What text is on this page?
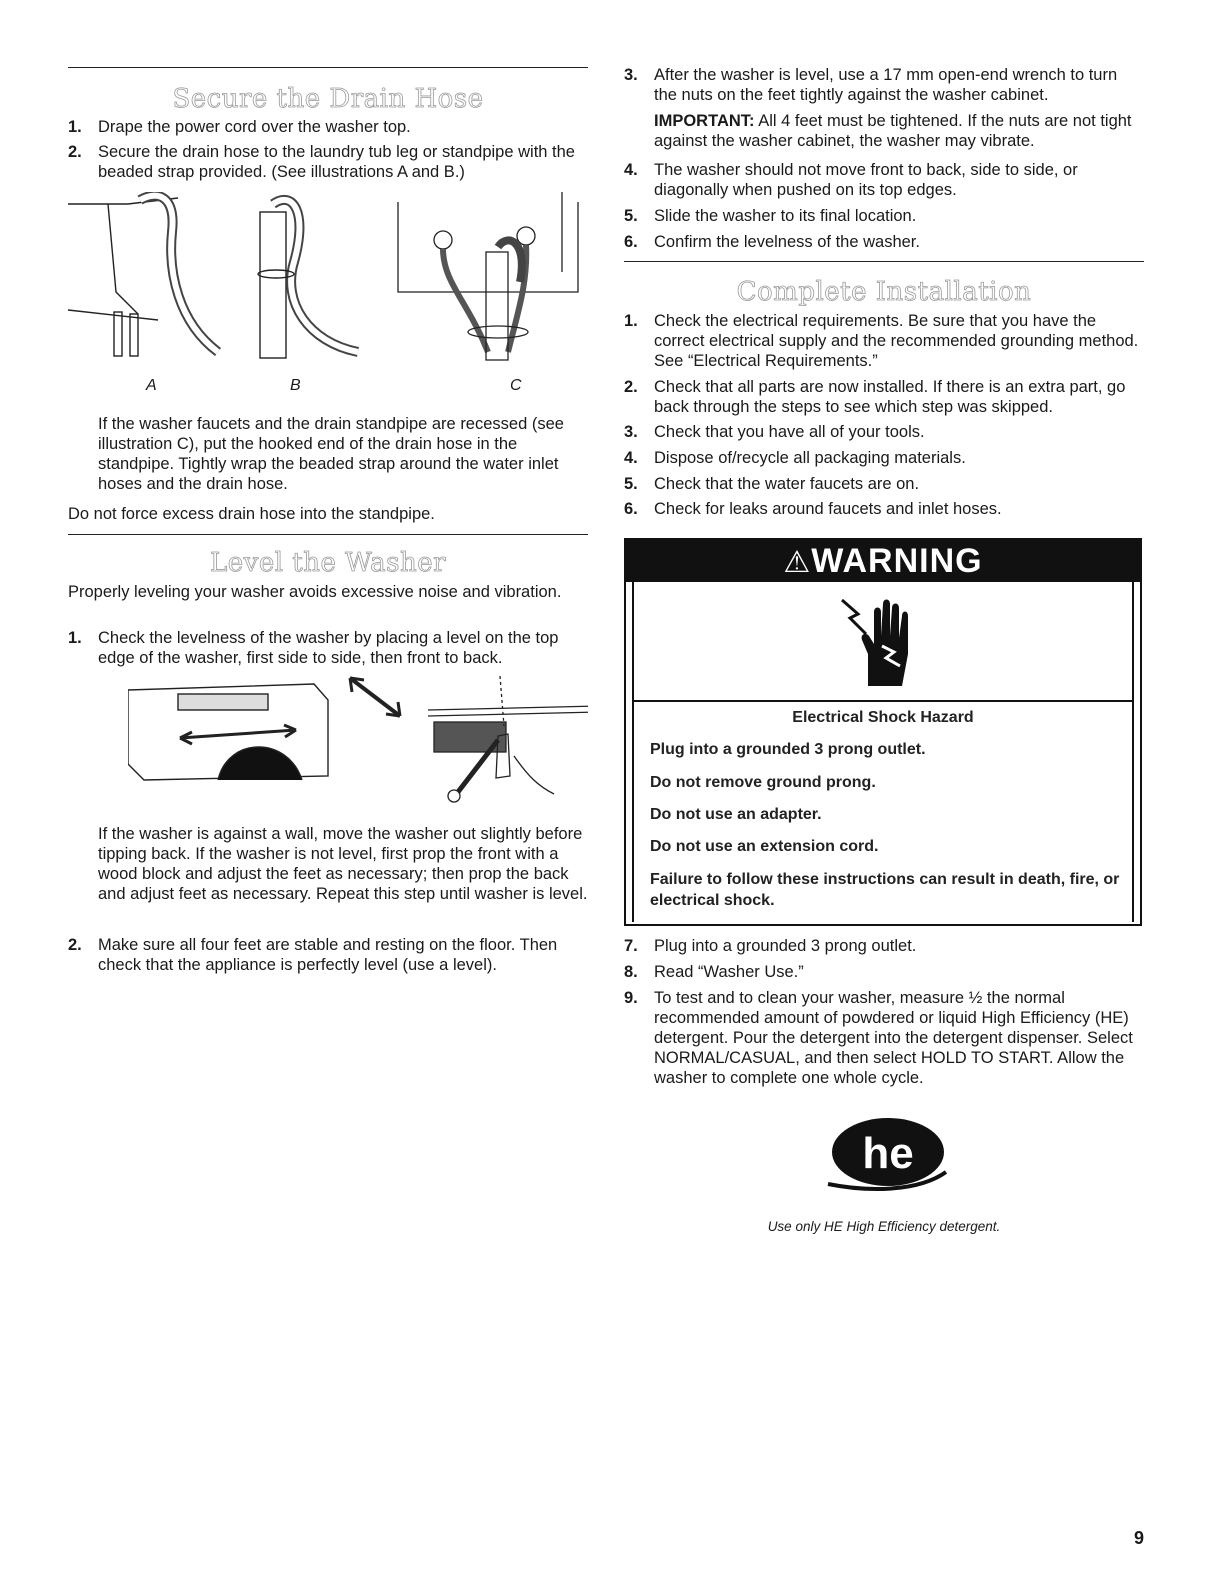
Secure the Drain Hose
1. Drape the power cord over the washer top.
2. Secure the drain hose to the laundry tub leg or standpipe with the beaded strap provided. (See illustrations A and B.)
A	B	C
If the washer faucets and the drain standpipe are recessed (see illustration C), put the hooked end of the drain hose in the standpipe. Tightly wrap the beaded strap around the water inlet hoses and the drain hose.
Do not force excess drain hose into the standpipe.
Level the Washer
Properly leveling your washer avoids excessive noise and vibration.
1. Check the levelness of the washer by placing a level on the top edge of the washer, first side to side, then front to back.
If the washer is against a wall, move the washer out slightly before tipping back. If the washer is not level, first prop the front with a wood block and adjust the feet as necessary; then prop the back and adjust feet as necessary. Repeat this step until washer is level.
2. Make sure all four feet are stable and resting on the floor. Then check that the appliance is perfectly level (use a level).
3. After the washer is level, use a 17 mm open-end wrench to turn the nuts on the feet tightly against the washer cabinet.
IMPORTANT: All 4 feet must be tightened. If the nuts are not tight against the washer cabinet, the washer may vibrate.
4. The washer should not move front to back, side to side, or diagonally when pushed on its top edges.
5. Slide the washer to its final location.
6. Confirm the levelness of the washer.
Complete Installation
1. Check the electrical requirements. Be sure that you have the correct electrical supply and the recommended grounding method. See “Electrical Requirements.”
2. Check that all parts are now installed. If there is an extra part, go back through the steps to see which step was skipped.
3. Check that you have all of your tools.
4. Dispose of/recycle all packaging materials.
5. Check that the water faucets are on.
6. Check for leaks around faucets and inlet hoses.
7. Plug into a grounded 3 prong outlet.
8. Read “Washer Use.”
9. To test and to clean your washer, measure ½ the normal recommended amount of powdered or liquid High Efficiency (HE) detergent. Pour the detergent into the detergent dispenser. Select NORMAL/CASUAL, and then select HOLD TO START. Allow the washer to complete one whole cycle.
⚠WARNING
Electrical Shock Hazard
Plug into a grounded 3 prong outlet.
Do not remove ground prong.
Do not use an adapter.
Do not use an extension cord.
Failure to follow these instructions can result in death, fire, or electrical shock.
he
Use only HE High Efficiency detergent.
9
